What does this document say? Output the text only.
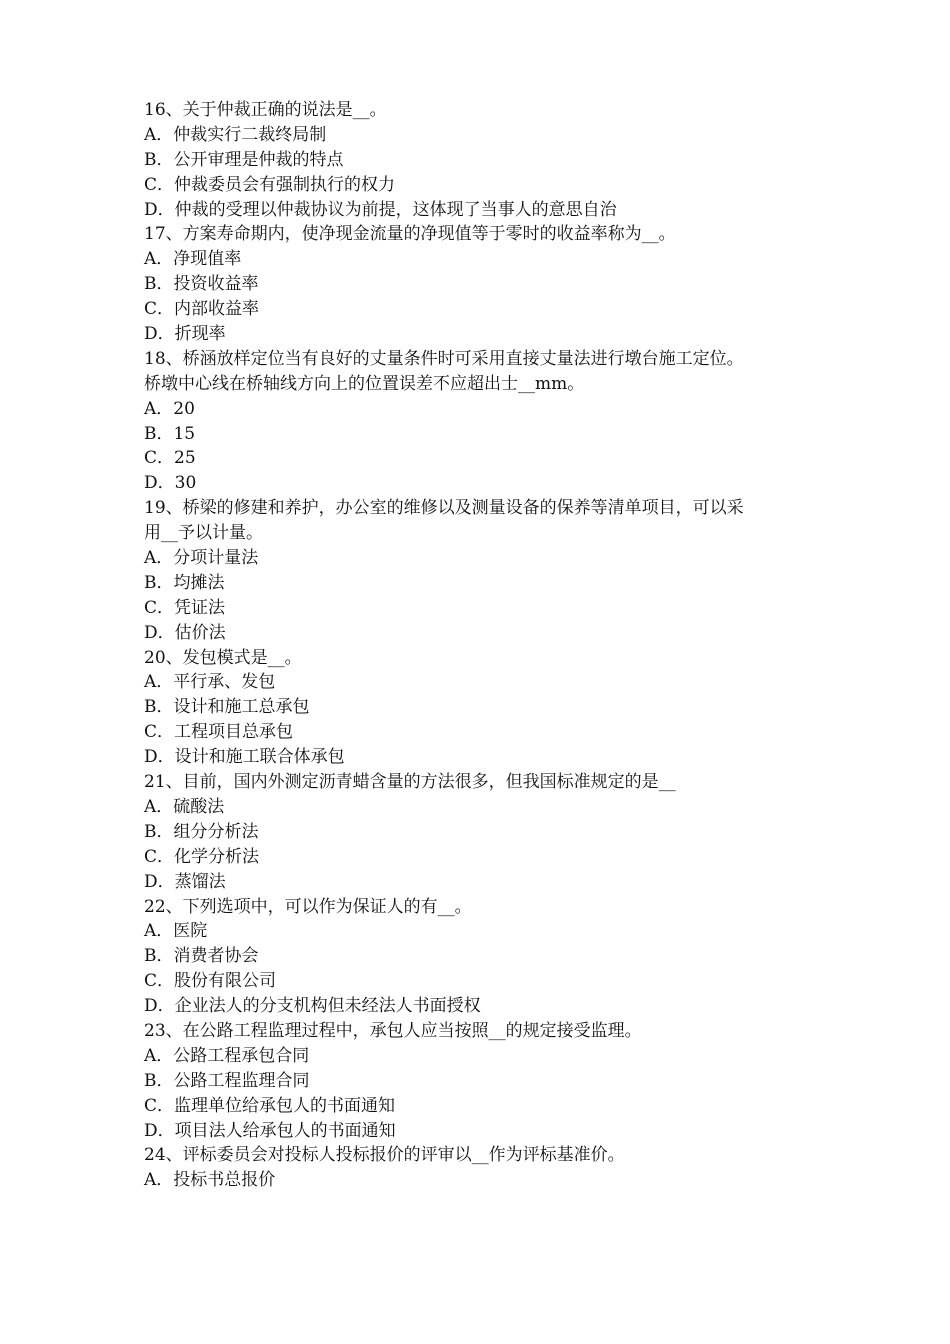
16、关于仲裁正确的说法是__。
A．仲裁实行二裁终局制
B．公开审理是仲裁的特点
C．仲裁委员会有强制执行的权力
D．仲裁的受理以仲裁协议为前提，这体现了当事人的意思自治
17、方案寿命期内，使净现金流量的净现值等于零时的收益率称为__。
A．净现值率
B．投资收益率
C．内部收益率
D．折现率
18、桥涵放样定位当有良好的丈量条件时可采用直接丈量法进行墩台施工定位。
桥墩中心线在桥轴线方向上的位置误差不应超出士__mm。
A．20
B．15
C．25
D．30
19、桥梁的修建和养护，办公室的维修以及测量设备的保养等清单项目，可以采
用__予以计量。
A．分项计量法
B．均摊法
C．凭证法
D．估价法
20、发包模式是__。
A．平行承、发包
B．设计和施工总承包
C．工程项目总承包
D．设计和施工联合体承包
21、目前，国内外测定沥青蜡含量的方法很多，但我国标准规定的是__
A．硫酸法
B．组分分析法
C．化学分析法
D．蒸馏法
22、下列选项中，可以作为保证人的有__。
A．医院
B．消费者协会
C．股份有限公司
D．企业法人的分支机构但未经法人书面授权
23、在公路工程监理过程中，承包人应当按照__的规定接受监理。
A．公路工程承包合同
B．公路工程监理合同
C．监理单位给承包人的书面通知
D．项目法人给承包人的书面通知
24、评标委员会对投标人投标报价的评审以__作为评标基准价。
A．投标书总报价
